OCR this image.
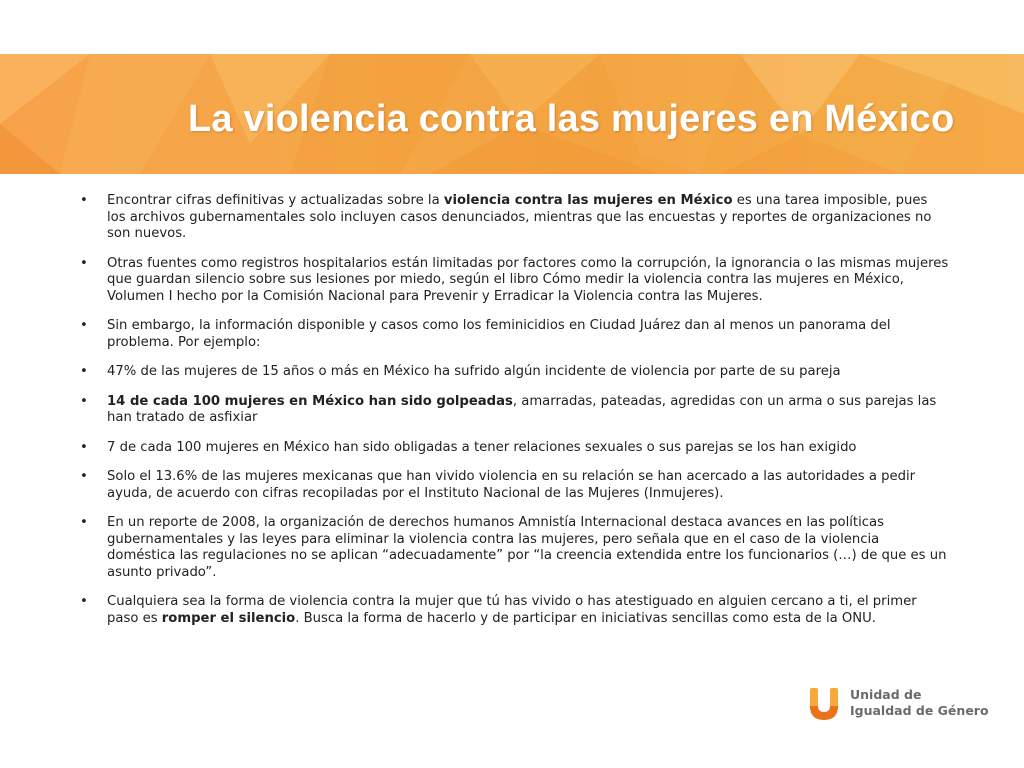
La violencia contra las mujeres en México
• Encontrar cifras definitivas y actualizadas sobre la violencia contra las mujeres en México es una tarea imposible, pues los archivos gubernamentales solo incluyen casos denunciados, mientras que las encuestas y reportes de organizaciones no son nuevos.
• Otras fuentes como registros hospitalarios están limitadas por factores como la corrupción, la ignorancia o las mismas mujeres que guardan silencio sobre sus lesiones por miedo, según el libro Cómo medir la violencia contra las mujeres en México, Volumen I hecho por la Comisión Nacional para Prevenir y Erradicar la Violencia contra las Mujeres.
• Sin embargo, la información disponible y casos como los feminicidios en Ciudad Juárez dan al menos un panorama del problema. Por ejemplo:
• 47% de las mujeres de 15 años o más en México ha sufrido algún incidente de violencia por parte de su pareja
• 14 de cada 100 mujeres en México han sido golpeadas, amarradas, pateadas, agredidas con un arma o sus parejas las han tratado de asfixiar
• 7 de cada 100 mujeres en México han sido obligadas a tener relaciones sexuales o sus parejas se los han exigido
• Solo el 13.6% de las mujeres mexicanas que han vivido violencia en su relación se han acercado a las autoridades a pedir ayuda, de acuerdo con cifras recopiladas por el Instituto Nacional de las Mujeres (Inmujeres).
• En un reporte de 2008, la organización de derechos humanos Amnistía Internacional destaca avances en las políticas gubernamentales y las leyes para eliminar la violencia contra las mujeres, pero señala que en el caso de la violencia doméstica las regulaciones no se aplican “adecuadamente” por “la creencia extendida entre los funcionarios (…) de que es un asunto privado”.
• Cualquiera sea la forma de violencia contra la mujer que tú has vivido o has atestiguado en alguien cercano a ti, el primer paso es romper el silencio. Busca la forma de hacerlo y de participar en iniciativas sencillas como esta de la ONU.
Unidad de
Igualdad de Género
